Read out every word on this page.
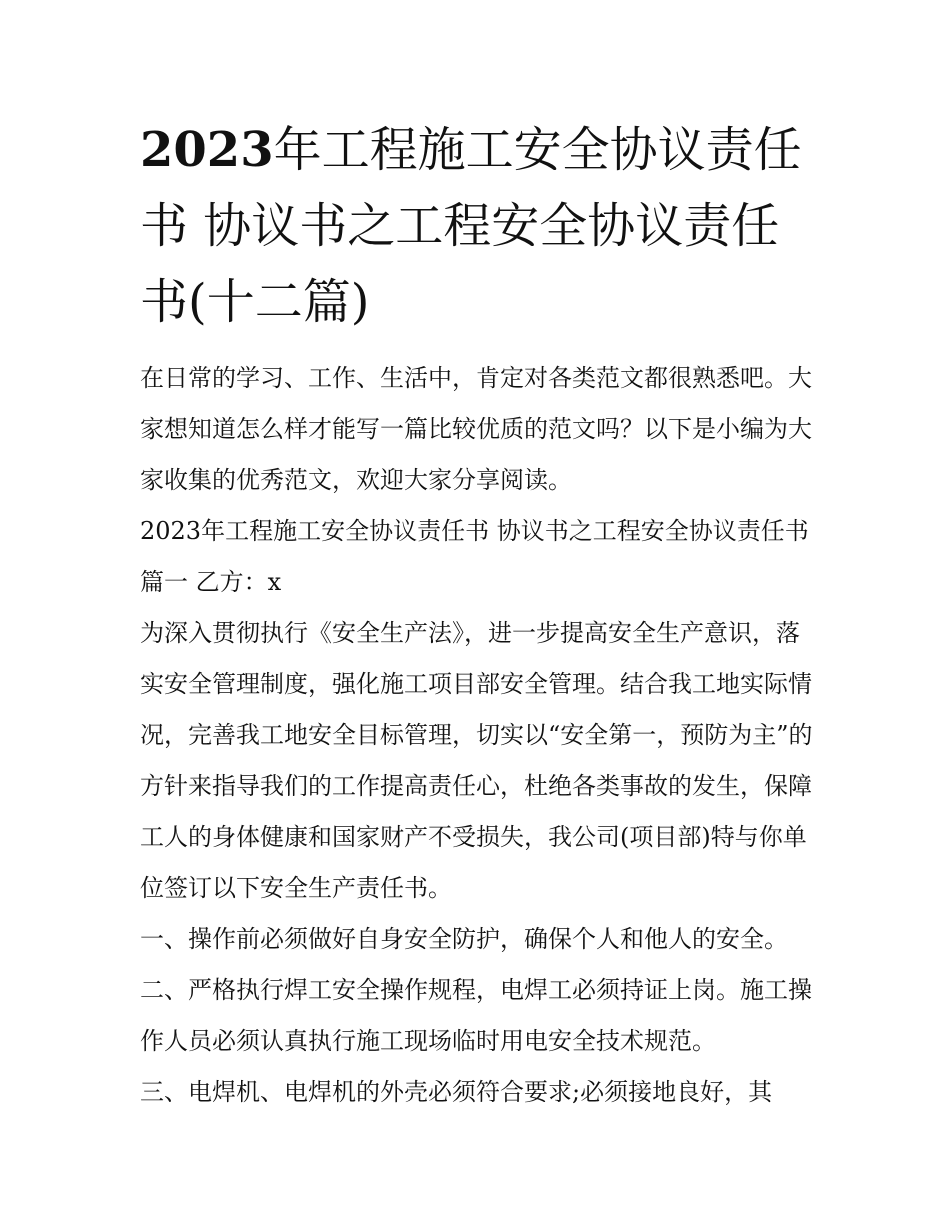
2023年工程施工安全协议责任书 协议书之工程安全协议责任书(十二篇)

在日常的学习、工作、生活中，肯定对各类范文都很熟悉吧。大家想知道怎么样才能写一篇比较优质的范文吗？以下是小编为大家收集的优秀范文，欢迎大家分享阅读。

2023年工程施工安全协议责任书 协议书之工程安全协议责任书篇一 乙方：x

为深入贯彻执行《安全生产法》，进一步提高安全生产意识，落实安全管理制度，强化施工项目部安全管理。结合我工地实际情况，完善我工地安全目标管理，切实以“安全第一，预防为主”的方针来指导我们的工作提高责任心，杜绝各类事故的发生，保障工人的身体健康和国家财产不受损失，我公司(项目部)特与你单位签订以下安全生产责任书。

一、操作前必须做好自身安全防护，确保个人和他人的安全。

二、严格执行焊工安全操作规程，电焊工必须持证上岗。施工操作人员必须认真执行施工现场临时用电安全技术规范。

三、电焊机、电焊机的外壳必须符合要求;必须接地良好，其
